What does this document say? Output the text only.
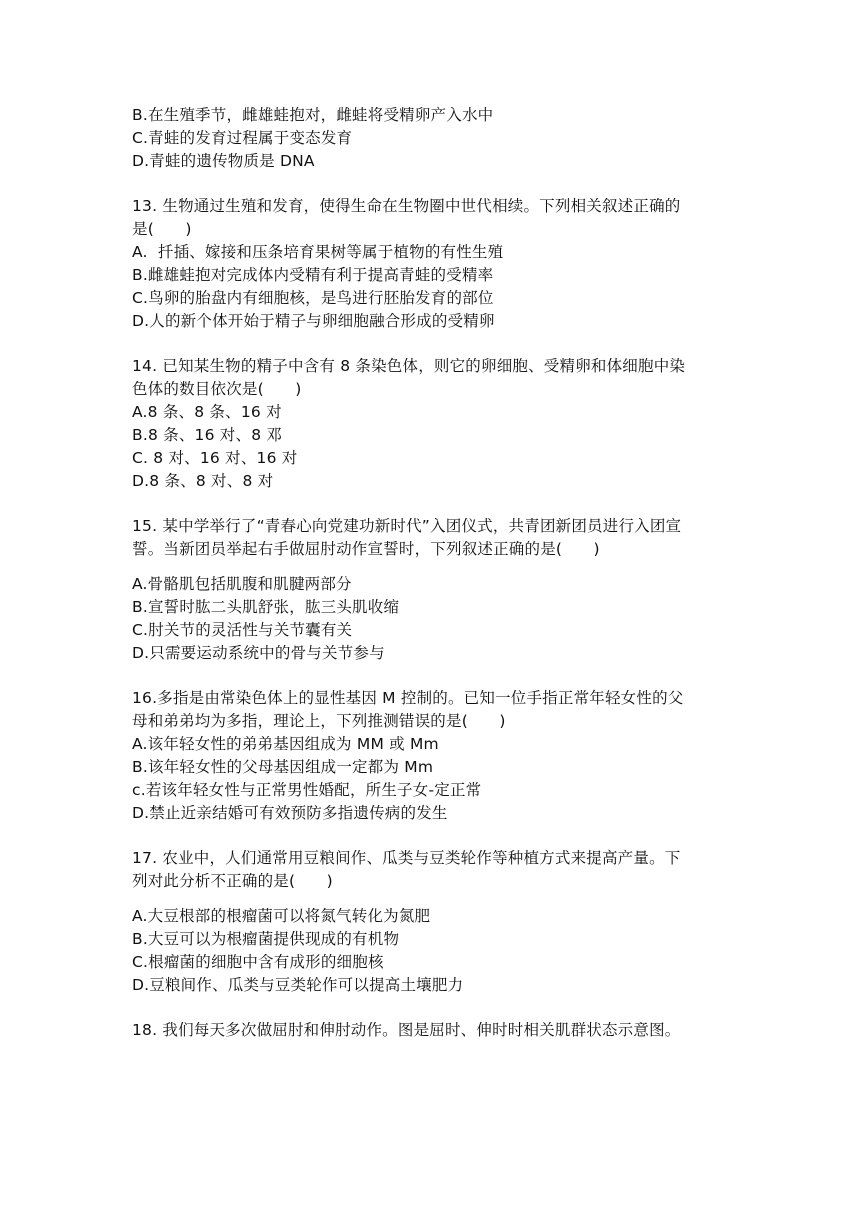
B.在生殖季节，雌雄蛙抱对，雌蛙将受精卵产入水中
C.青蛙的发育过程属于变态发育
D.青蛙的遗传物质是 DNA
13. 生物通过生殖和发育，使得生命在生物圈中世代相续。下列相关叙述正确的
是(　　)
A.  扦插、嫁接和压条培育果树等属于植物的有性生殖
B.雌雄蛙抱对完成体内受精有利于提高青蛙的受精率
C.鸟卵的胎盘内有细胞核，是鸟进行胚胎发育的部位
D.人的新个体开始于精子与卵细胞融合形成的受精卵
14. 已知某生物的精子中含有 8 条染色体，则它的卵细胞、受精卵和体细胞中染
色体的数目依次是(　　)
A.8 条、8 条、16 对
B.8 条、16 对、8 邓
C. 8 对、16 对、16 对
D.8 条、8 对、8 对
15. 某中学举行了“青春心向党建功新时代”入团仪式，共青团新团员进行入团宣
誓。当新团员举起右手做屈肘动作宣誓时，下列叙述正确的是(　　)
A.骨骼肌包括肌腹和肌腱两部分
B.宣誓时肱二头肌舒张，肱三头肌收缩
C.肘关节的灵活性与关节囊有关
D.只需要运动系统中的骨与关节参与
16.多指是由常染色体上的显性基因 M 控制的。已知一位手指正常年轻女性的父
母和弟弟均为多指，理论上，下列推测错误的是(　　)
A.该年轻女性的弟弟基因组成为 MM 或 Mm
B.该年轻女性的父母基因组成一定都为 Mm
c.若该年轻女性与正常男性婚配，所生子女-定正常
D.禁止近亲结婚可有效预防多指遗传病的发生
17. 农业中，人们通常用豆粮间作、瓜类与豆类轮作等种植方式来提高产量。下
列对此分析不正确的是(　　)
A.大豆根部的根瘤菌可以将氮气转化为氮肥
B.大豆可以为根瘤菌提供现成的有机物
C.根瘤菌的细胞中含有成形的细胞核
D.豆粮间作、瓜类与豆类轮作可以提高土壤肥力
18. 我们每天多次做屈肘和伸肘动作。图是屈时、伸时时相关肌群状态示意图。
